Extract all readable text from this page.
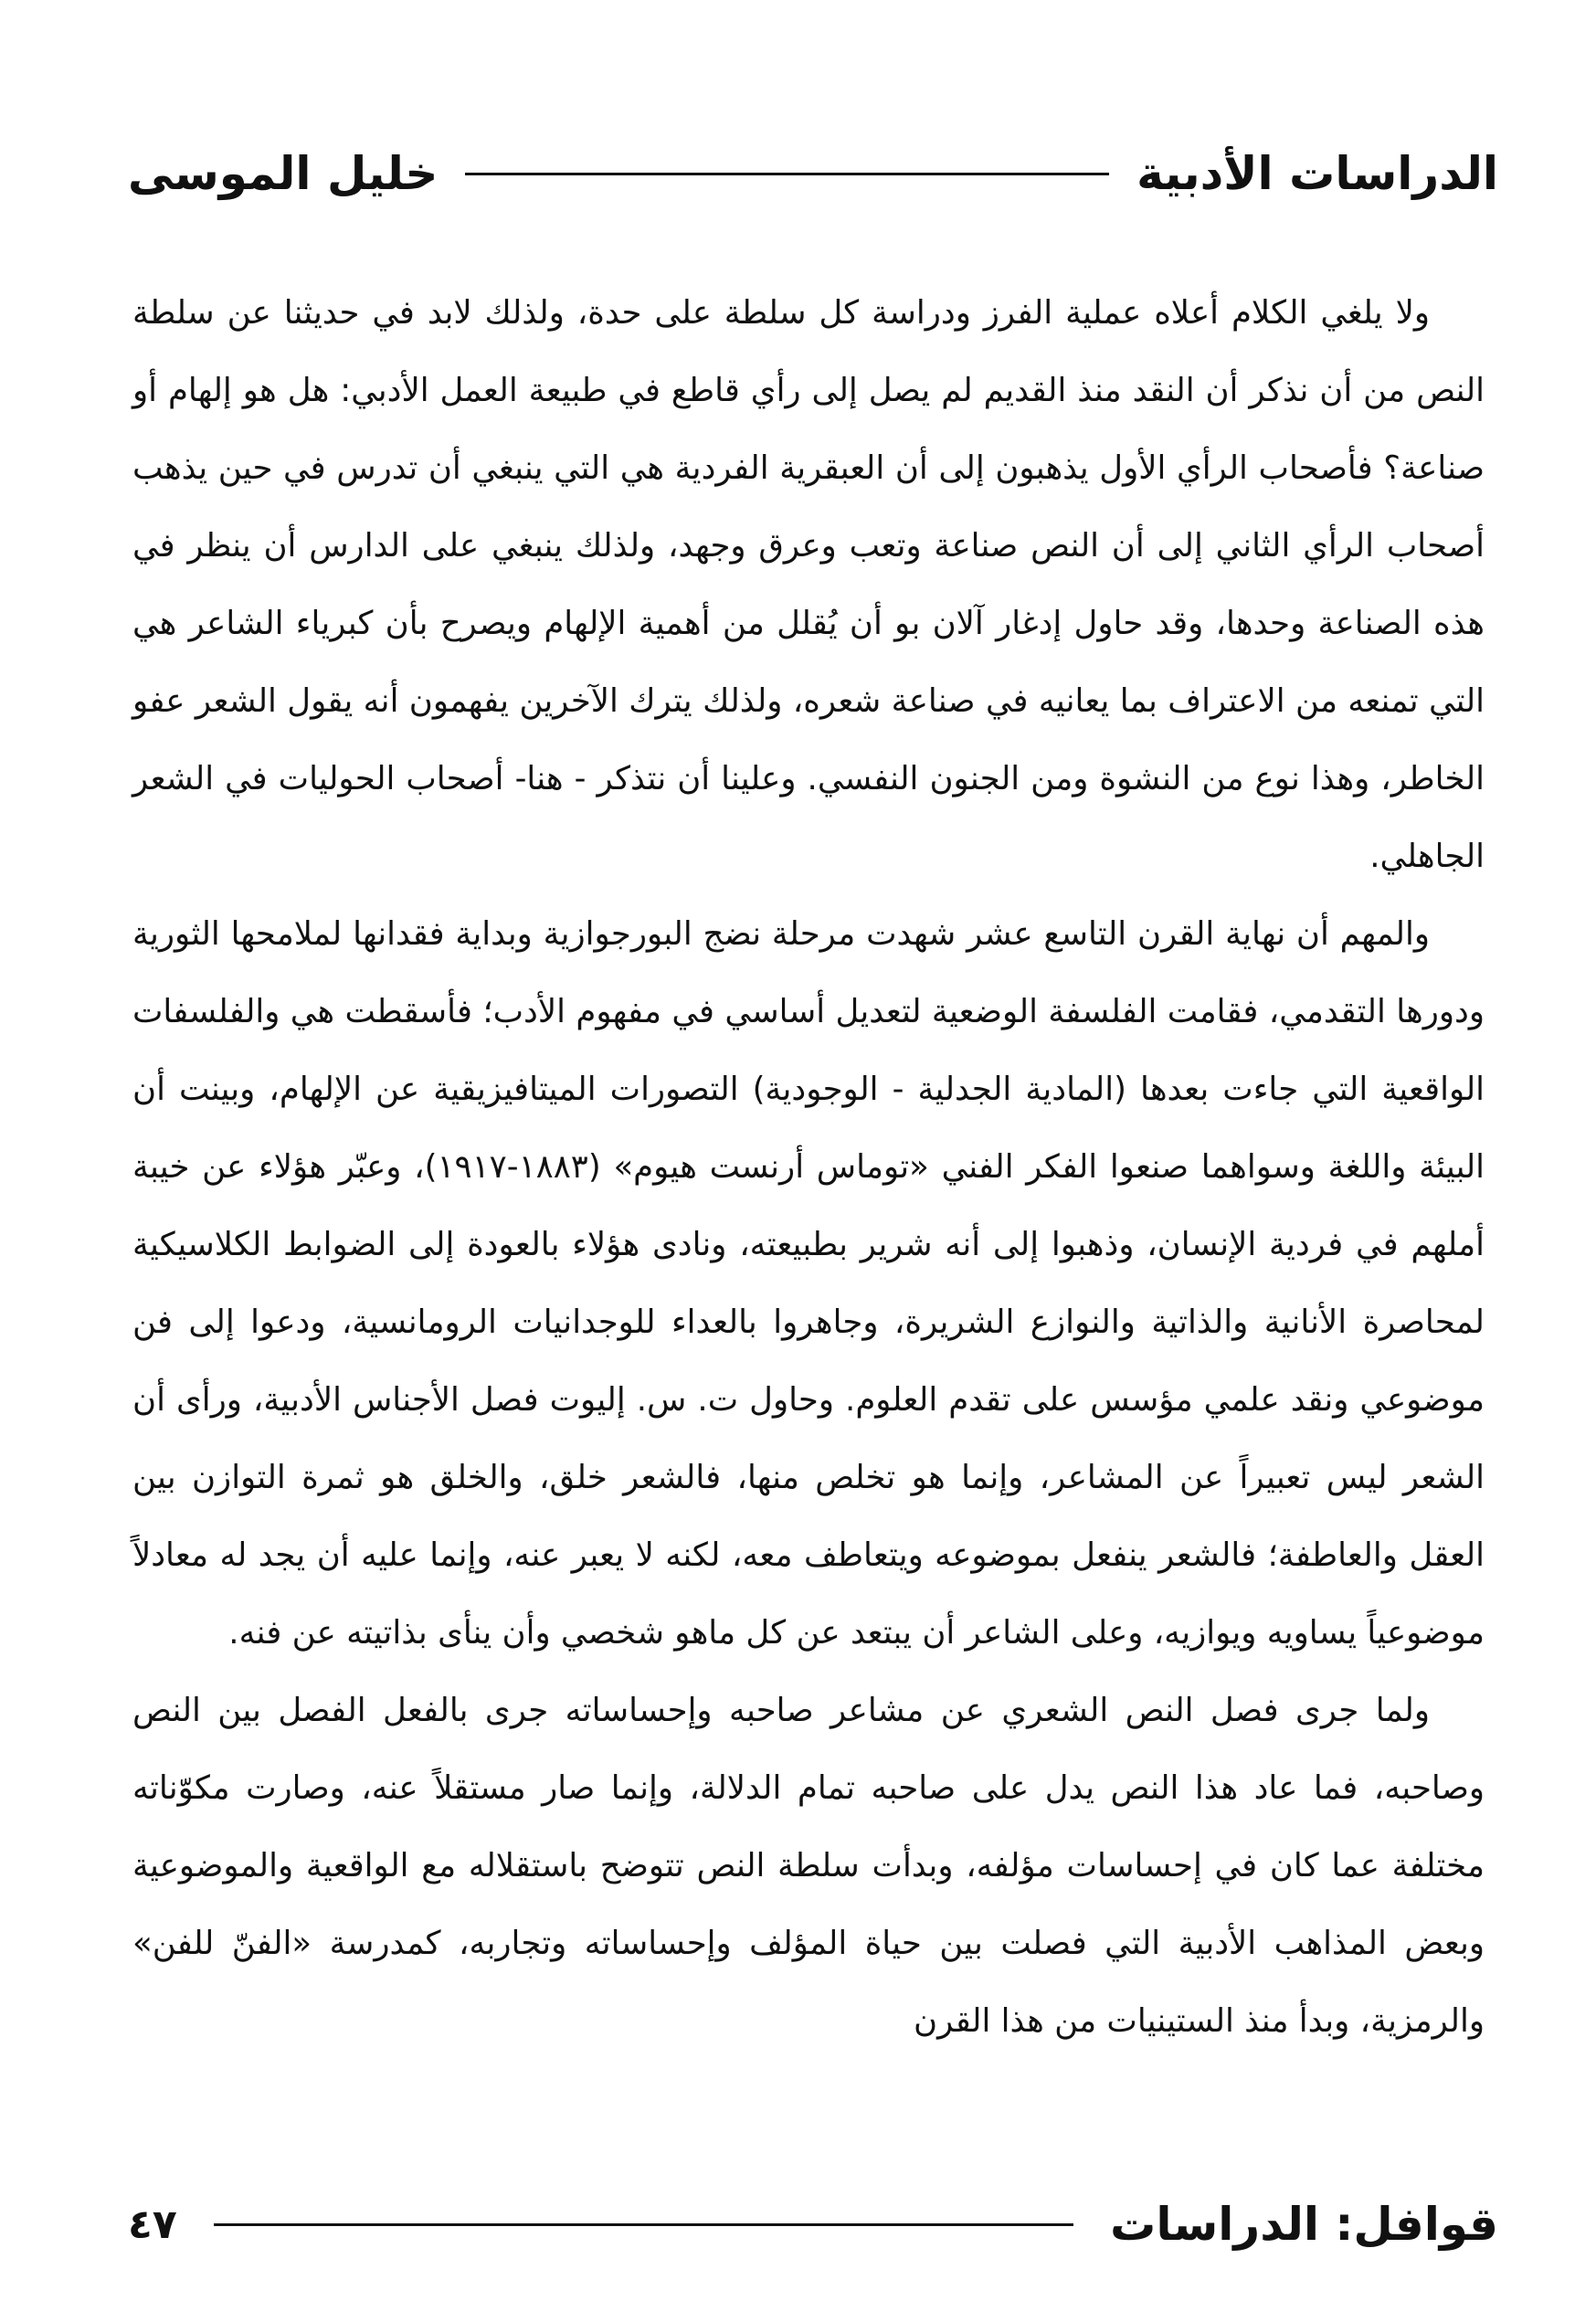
الدراسات الأدبية
خليل الموسى

ولا يلغي الكلام أعلاه عملية الفرز ودراسة كل سلطة على حدة، ولذلك لابد في حديثنا عن سلطة النص من أن نذكر أن النقد منذ القديم لم يصل إلى رأي قاطع في طبيعة العمل الأدبي: هل هو إلهام أو صناعة؟ فأصحاب الرأي الأول يذهبون إلى أن العبقرية الفردية هي التي ينبغي أن تدرس في حين يذهب أصحاب الرأي الثاني إلى أن النص صناعة وتعب وعرق وجهد، ولذلك ينبغي على الدارس أن ينظر في هذه الصناعة وحدها، وقد حاول إدغار آلان بو أن يُقلل من أهمية الإلهام ويصرح بأن كبرياء الشاعر هي التي تمنعه من الاعتراف بما يعانيه في صناعة شعره، ولذلك يترك الآخرين يفهمون أنه يقول الشعر عفو الخاطر، وهذا نوع من النشوة ومن الجنون النفسي. وعلينا أن نتذكر - هنا- أصحاب الحوليات في الشعر الجاهلي.

والمهم أن نهاية القرن التاسع عشر شهدت مرحلة نضج البورجوازية وبداية فقدانها لملامحها الثورية ودورها التقدمي، فقامت الفلسفة الوضعية لتعديل أساسي في مفهوم الأدب؛ فأسقطت هي والفلسفات الواقعية التي جاءت بعدها (المادية الجدلية - الوجودية) التصورات الميتافيزيقية عن الإلهام، وبينت أن البيئة واللغة وسواهما صنعوا الفكر الفني «توماس أرنست هيوم» (١٨٨٣-١٩١٧)، وعبّر هؤلاء عن خيبة أملهم في فردية الإنسان، وذهبوا إلى أنه شرير بطبيعته، ونادى هؤلاء بالعودة إلى الضوابط الكلاسيكية لمحاصرة الأنانية والذاتية والنوازع الشريرة، وجاهروا بالعداء للوجدانيات الرومانسية، ودعوا إلى فن موضوعي ونقد علمي مؤسس على تقدم العلوم. وحاول ت. س. إليوت فصل الأجناس الأدبية، ورأى أن الشعر ليس تعبيراً عن المشاعر، وإنما هو تخلص منها، فالشعر خلق، والخلق هو ثمرة التوازن بين العقل والعاطفة؛ فالشعر ينفعل بموضوعه ويتعاطف معه، لكنه لا يعبر عنه، وإنما عليه أن يجد له معادلاً موضوعياً يساويه ويوازيه، وعلى الشاعر أن يبتعد عن كل ماهو شخصي وأن ينأى بذاتيته عن فنه.

ولما جرى فصل النص الشعري عن مشاعر صاحبه وإحساساته جرى بالفعل الفصل بين النص وصاحبه، فما عاد هذا النص يدل على صاحبه تمام الدلالة، وإنما صار مستقلاً عنه، وصارت مكوّناته مختلفة عما كان في إحساسات مؤلفه، وبدأت سلطة النص تتوضح باستقلاله مع الواقعية والموضوعية وبعض المذاهب الأدبية التي فصلت بين حياة المؤلف وإحساساته وتجاربه، كمدرسة «الفنّ للفن» والرمزية، وبدأ منذ الستينيات من هذا القرن

قوافل: الدراسات
٤٧
